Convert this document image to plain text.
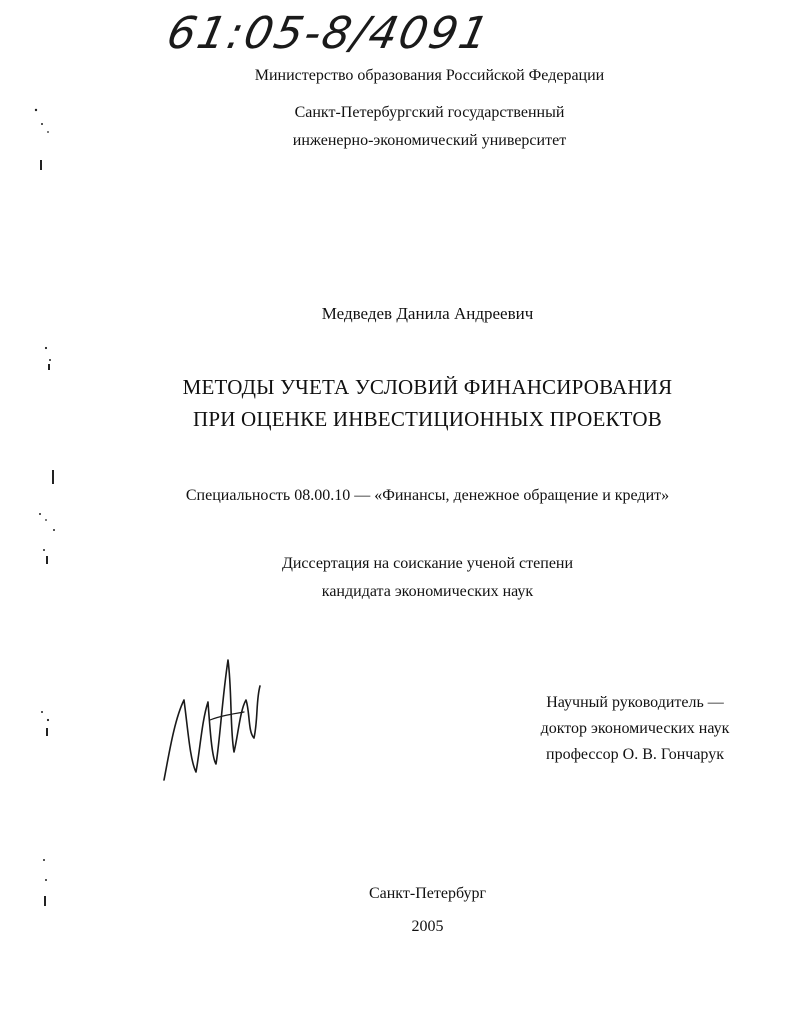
61:05-8/4091
Министерство образования Российской Федерации
Санкт-Петербургский государственный
инженерно-экономический университет
Медведев Данила Андреевич
МЕТОДЫ УЧЕТА УСЛОВИЙ ФИНАНСИРОВАНИЯ
ПРИ ОЦЕНКЕ ИНВЕСТИЦИОННЫХ ПРОЕКТОВ
Специальность 08.00.10 — «Финансы, денежное обращение и кредит»
Диссертация на соискание ученой степени
кандидата экономических наук
Научный руководитель —
доктор экономических наук
профессор О. В. Гончарук
Санкт-Петербург
2005
